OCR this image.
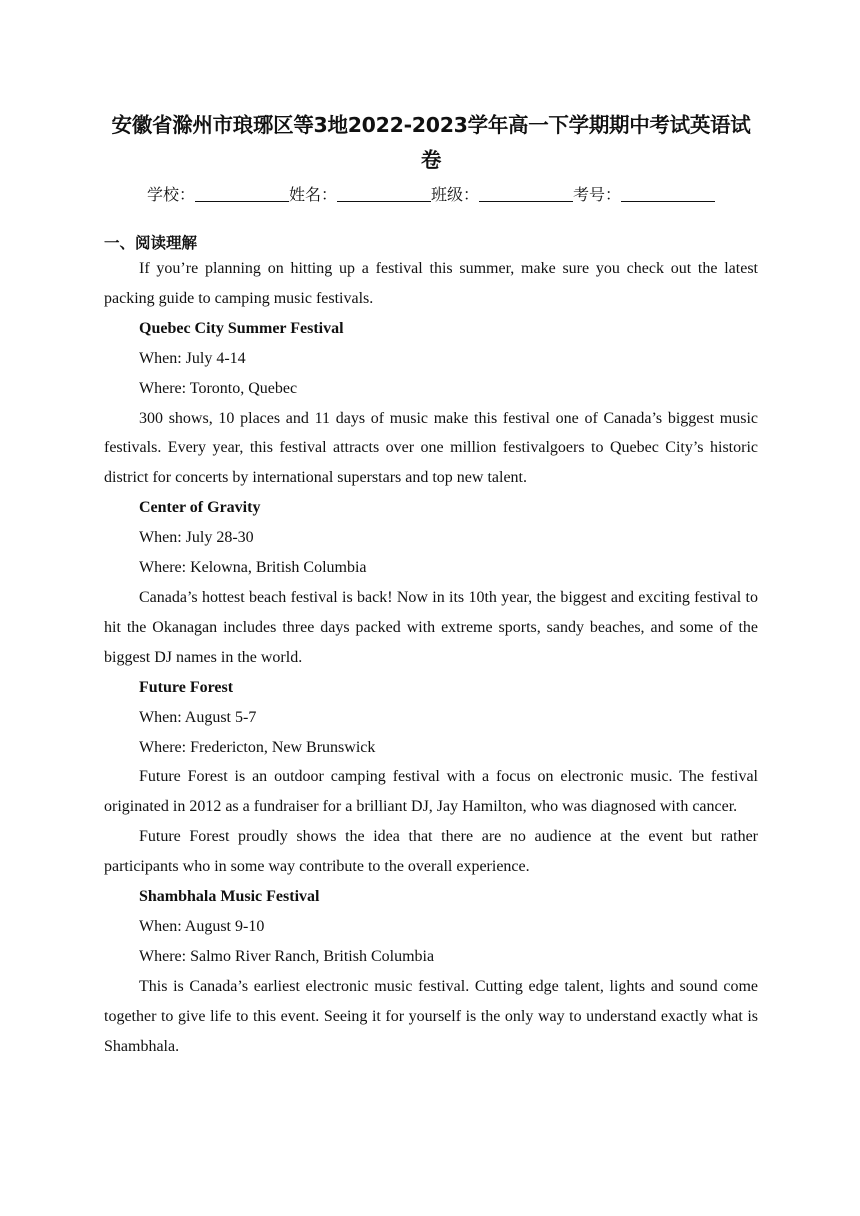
安徽省滁州市琅琊区等3地2022-2023学年高一下学期期中考试英语试卷
学校：	姓名：	班级：	考号：
一、阅读理解

If you’re planning on hitting up a festival this summer, make sure you check out the latest packing guide to camping music festivals.

Quebec City Summer Festival

When: July 4-14

Where: Toronto, Quebec

300 shows, 10 places and 11 days of music make this festival one of Canada’s biggest music festivals. Every year, this festival attracts over one million festivalgoers to Quebec City’s historic district for concerts by international superstars and top new talent.

Center of Gravity

When: July 28-30

Where: Kelowna, British Columbia

Canada’s hottest beach festival is back! Now in its 10th year, the biggest and exciting festival to hit the Okanagan includes three days packed with extreme sports, sandy beaches, and some of the biggest DJ names in the world.

Future Forest

When: August 5-7

Where: Fredericton, New Brunswick

Future Forest is an outdoor camping festival with a focus on electronic music. The festival originated in 2012 as a fundraiser for a brilliant DJ, Jay Hamilton, who was diagnosed with cancer.

Future Forest proudly shows the idea that there are no audience at the event but rather participants who in some way contribute to the overall experience.

Shambhala Music Festival

When: August 9-10

Where: Salmo River Ranch, British Columbia

This is Canada’s earliest electronic music festival. Cutting edge talent, lights and sound come together to give life to this event. Seeing it for yourself is the only way to understand exactly what is Shambhala.
